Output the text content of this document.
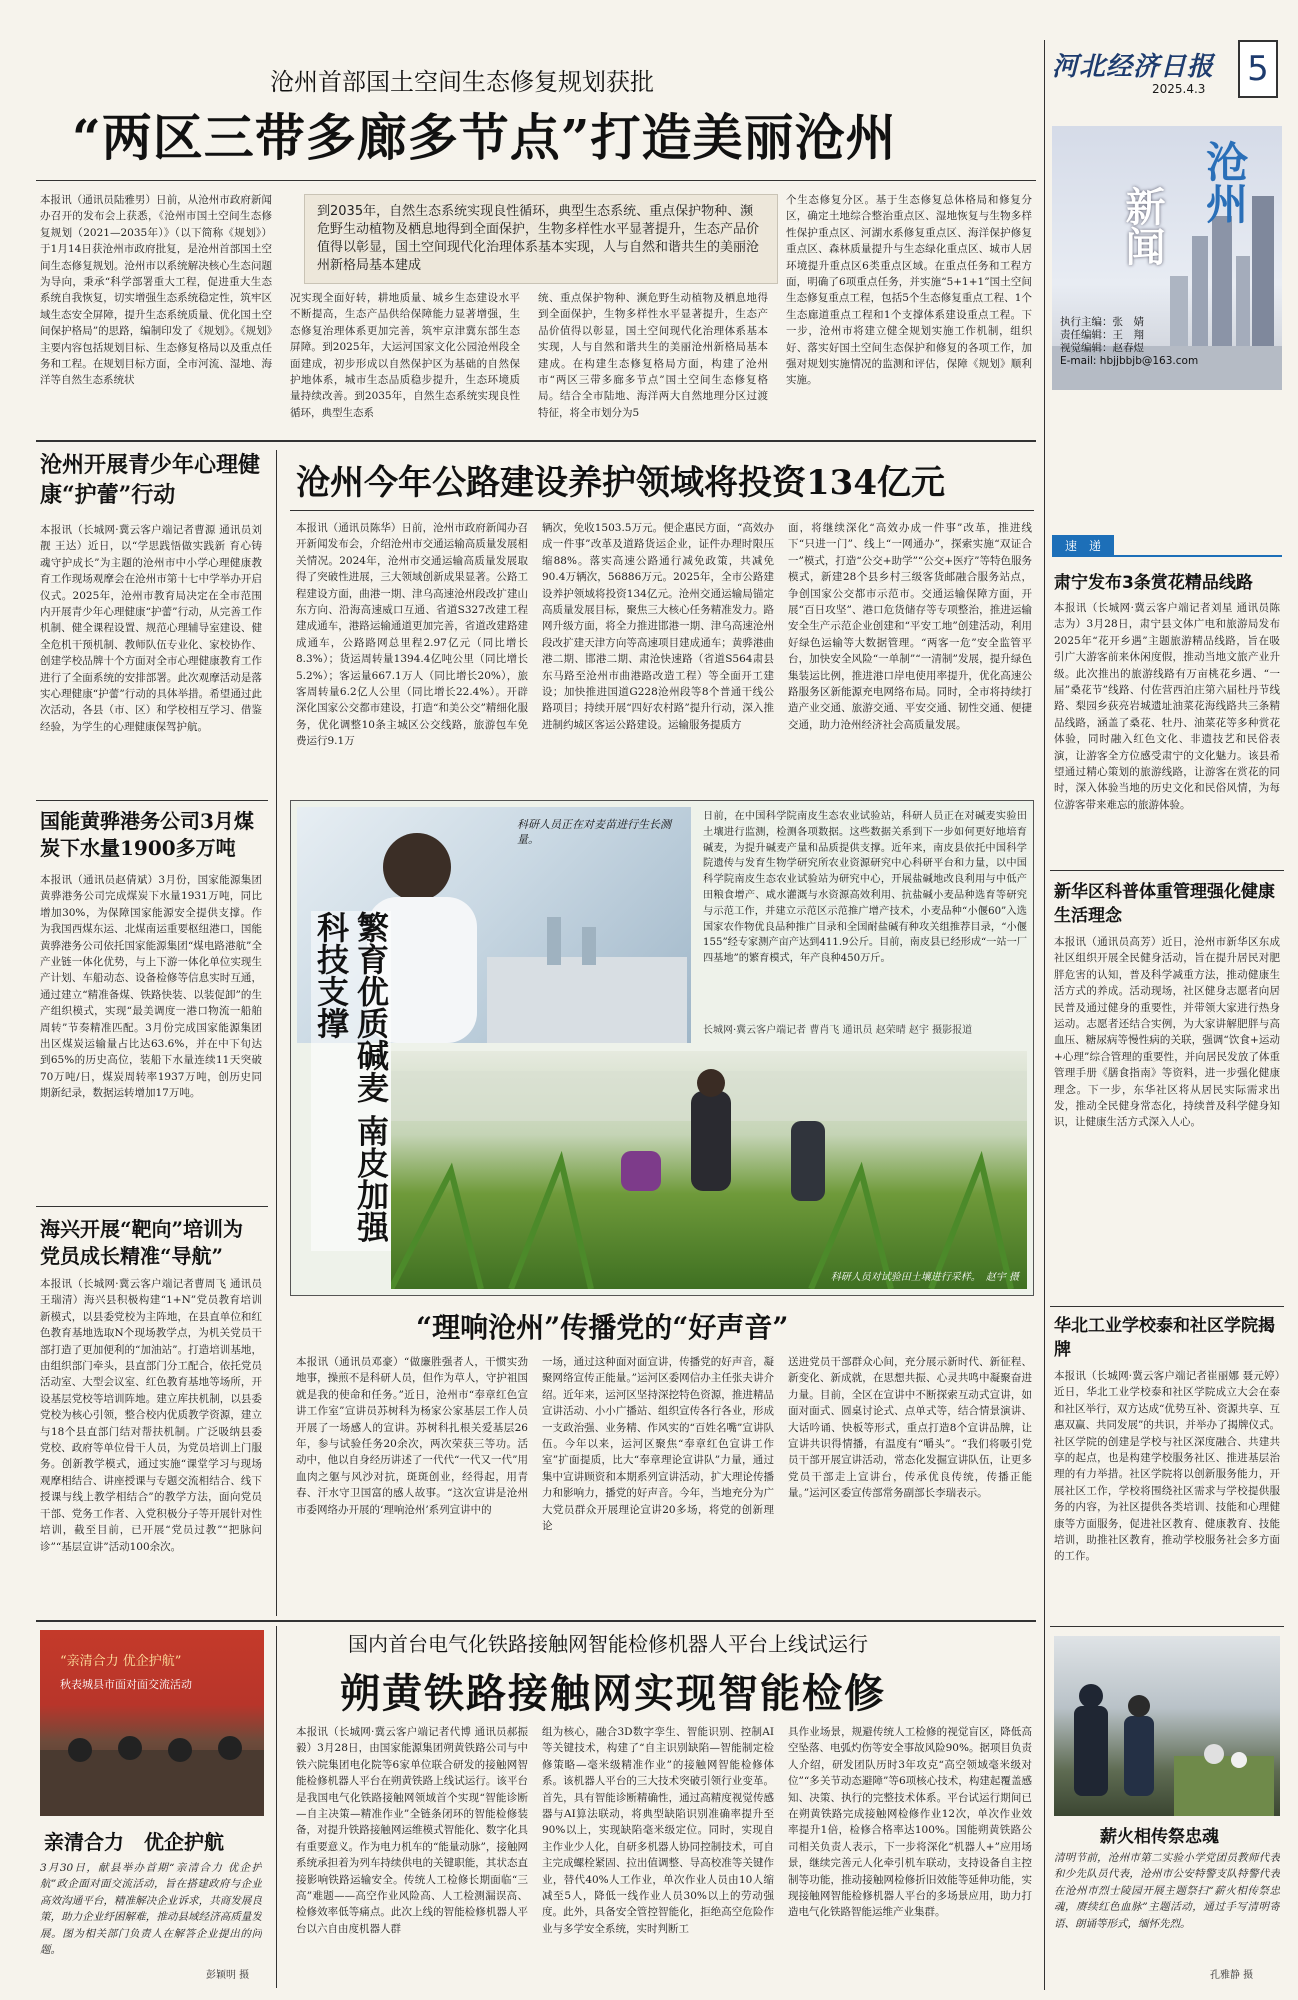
河北经济日报 5
2025.4.3
沧州
新闻
执行主编：张　婧
责任编辑：王　翔
视觉编辑：赵春煜
E-mail: hbjjbbjb@163.com
速　递
沧州首部国土空间生态修复规划获批
“两区三带多廊多节点”打造美丽沧州
本报讯（通讯员陆雅男）日前，从沧州市政府新闻办召开的发布会上获悉，《沧州市国土空间生态修复规划（2021—2035年）》（以下简称《规划》）于1月14日获沧州市政府批复，是沧州首部国土空间生态修复规划。沧州市以系统解决核心生态问题为导向，秉承“科学部署重大工程，促进重大生态系统自我恢复，切实增强生态系统稳定性，筑牢区域生态安全屏障，提升生态系统质量、优化国土空间保护格局”的思路，编制印发了《规划》。《规划》主要内容包括规划目标、生态修复格局以及重点任务和工程。在规划目标方面，全市河流、湿地、海洋等自然生态系统状
况实现全面好转，耕地质量、城乡生态建设水平不断提高，生态产品供给保障能力显著增强，生态修复治理体系更加完善，筑牢京津冀东部生态屏障。到2025年，大运河国家文化公园沧州段全面建成，初步形成以自然保护区为基础的自然保护地体系，城市生态品质稳步提升，生态环境质量持续改善。到2035年，自然生态系统实现良性循环，典型生态系
到2035年，自然生态系统实现良性循环，典型生态系统、重点保护物种、濒危野生动植物及栖息地得到全面保护，生物多样性水平显著提升，生态产品价值得以彰显，国土空间现代化治理体系基本实现，人与自然和谐共生的美丽沧州新格局基本建成
统、重点保护物种、濒危野生动植物及栖息地得到全面保护，生物多样性水平显著提升，生态产品价值得以彰显，国土空间现代化治理体系基本实现，人与自然和谐共生的美丽沧州新格局基本建成。在构建生态修复格局方面，构建了沧州市“两区三带多廊多节点”国土空间生态修复格局。结合全市陆地、海洋两大自然地理分区过渡特征，将全市划分为5
个生态修复分区。基于生态修复总体格局和修复分区，确定土地综合整治重点区、湿地恢复与生物多样性保护重点区、河湖水系修复重点区、海洋保护修复重点区、森林质量提升与生态绿化重点区、城市人居环境提升重点区6类重点区域。在重点任务和工程方面，明确了6项重点任务，并实施“5+1+1”国土空间生态修复重点工程，包括5个生态修复重点工程、1个生态廊道重点工程和1个支撑体系建设重点工程。下一步，沧州市将建立健全规划实施工作机制，组织好、落实好国土空间生态保护和修复的各项工作，加强对规划实施情况的监测和评估，保障《规划》顺利实施。
沧州开展青少年心理健康“护蕾”行动
本报讯（长城网·冀云客户端记者曹源 通讯员刘靓 王达）近日，以“学思践悟做实践新 育心铸魂守护成长”为主题的沧州市中小学心理健康教育工作现场观摩会在沧州市第十七中学举办开启仪式。2025年，沧州市教育局决定在全市范围内开展青少年心理健康“护蕾”行动，从完善工作机制、健全课程设置、规范心理辅导室建设、健全危机干预机制、教师队伍专业化、家校协作、创建学校品牌十个方面对全市心理健康教育工作进行了全面系统的安排部署。此次观摩活动是落实心理健康“护蕾”行动的具体举措。希望通过此次活动，各县（市、区）和学校相互学习、借鉴经验，为学生的心理健康保驾护航。
国能黄骅港务公司3月煤炭下水量1900多万吨
本报讯（通讯员赵倩斌）3月份，国家能源集团黄骅港务公司完成煤炭下水量1931万吨，同比增加30%，为保障国家能源安全提供支撑。作为我国西煤东运、北煤南运重要枢纽港口，国能黄骅港务公司依托国家能源集团“煤电路港航”全产业链一体化优势，与上下游一体化单位实现生产计划、车船动态、设备检修等信息实时互通，通过建立“精准备煤、铁路快装、以装促卸”的生产组织模式，实现“最美调度一港口物流一船舶周转”节奏精准匹配。3月份完成国家能源集团出区煤炭运输量占比达63.6%，并在中下旬达到65%的历史高位，装船下水量连续11天突破70万吨/日，煤炭周转率1937万吨，创历史同期新纪录，数据运转增加17万吨。
海兴开展“靶向”培训为党员成长精准“导航”
本报讯（长城网·冀云客户端记者曹周飞 通讯员王瑞清）海兴县积极构建“1+N”党员教育培训新模式，以县委党校为主阵地，在县直单位和红色教育基地选取N个现场教学点，为机关党员干部打造了更加便利的“加油站”。打造培训基地，由组织部门牵头，县直部门分工配合，依托党员活动室、大型会议室、红色教育基地等场所，开设基层党校等培训阵地。建立库扶机制，以县委党校为核心引领，整合校内优质教学资源，建立与18个县直部门结对帮扶机制。广泛吸纳县委党校、政府等单位骨干人员，为党员培训上门服务。创新教学模式，通过实施“课堂学习与现场观摩相结合、讲座授课与专题交流相结合、线下授课与线上教学相结合”的教学方法，面向党员干部、党务工作者、入党积极分子等开展针对性培训，截至目前，已开展“党员过教”“把脉问诊”“基层宣讲”活动100余次。
沧州今年公路建设养护领域将投资134亿元
本报讯（通讯员陈华）日前，沧州市政府新闻办召开新闻发布会，介绍沧州市交通运输高质量发展相关情况。2024年，沧州市交通运输高质量发展取得了突破性进展，三大领域创新成果显著。公路工程建设方面，曲港一期、津乌高速沧州段改扩建山东方向、沿海高速威口互通、省道S327改建工程建成通车，港路运输通道更加完善，省道改建路建成通车，公路路网总里程2.97亿元（同比增长8.3%）；货运周转量1394.4亿吨公里（同比增长5.2%）；客运量667.1万人（同比增长20%），旅客周转量6.2亿人公里（同比增长22.4%）。开辟深化国家公交都市建设，打造“和美公交”精细化服务，优化调整10条主城区公交线路，旅游包车免费运行9.1万
辆次，免收1503.5万元。便企惠民方面，“高效办成一件事”改革及道路货运企业，证件办理时限压缩88%。落实高速公路通行减免政策，共减免90.4万辆次，56886万元。2025年，全市公路建设养护领域将投资134亿元。沧州交通运输局锚定高质量发展目标，聚焦三大核心任务精准发力。路网升级方面，将全力推进邯港一期、津乌高速沧州段改扩建天津方向等高速项目建成通车；黄骅港曲港二期、邯港二期、肃沧快速路（省道S564肃县东马路至沧州市曲港路改造工程）等全面开工建设；加快推进国道G228沧州段等8个普通干线公路项目；持续开展“四好农村路”提升行动，深入推进制约城区客运公路建设。运输服务提质方
面，将继续深化“高效办成一件事”改革，推进线下“只进一门”、线上“一网通办”，探索实施“双证合一”模式，打造“公交+助学”“公交+医疗”等特色服务模式，新建28个县乡村三级客货邮融合服务站点，争创国家公交都市示范市。交通运输保障方面，开展“百日攻坚”、港口危货储存等专项整治，推进运输安全生产示范企业创建和“平安工地”创建活动，利用好绿色运输等大数据管理。“两客一危”安全监管平台，加快安全风险“一单制”“一清制”发展，提升绿色集装运比例，推进港口岸电使用率提升，优化高速公路服务区新能源充电网络布局。同时，全市将持续打造产业交通、旅游交通、平安交通、韧性交通、便捷交通，助力沧州经济社会高质量发展。
科研人员正在对麦苗进行生长测量。
繁育优质碱麦 南皮加强科技支撑
日前，在中国科学院南皮生态农业试验站，科研人员正在对碱麦实验田土壤进行监测，检测各项数据。这些数据关系到下一步如何更好地培育碱麦，为提升碱麦产量和品质提供支撑。近年来，南皮县依托中国科学院遗传与发育生物学研究所农业资源研究中心科研平台和力量，以中国科学院南皮生态农业试验站为研究中心，开展盐碱地改良利用与中低产田粮食增产、咸水灌溉与水资源高效利用、抗盐碱小麦品种选育等研究与示范工作，并建立示范区示范推广增产技术，小麦品种“小偃60”入选国家农作物优良品种推广目录和全国耐盐碱有种攻关组推荐目录，“小偃155”经专家测产亩产达到411.9公斤。目前，南皮县已经形成“一站一厂四基地”的繁育模式，年产良种450万斤。
长城网·冀云客户端记者 曹肖飞 通讯员 赵荣晴 赵宇 摄影报道
科研人员对试验田土壤进行采样。　赵宇 摄
“理响沧州”传播党的“好声音”
本报讯（通讯员邓豪）“做廉胜强者人，干惯实劲地事，操煎不是科研人员，但作为草人，守护祖国就是我的使命和任务。”近日，沧州市“奉章红色宣讲工作室”宣讲员苏树科为杨家公家基层工作人员开展了一场感人的宣讲。苏树科扎根关爱基层26年，参与试验任务20余次，两次荣获三等功。活动中，他以自身经历讲述了一代代“一代又一代”用血肉之躯与风沙对抗，斑斑创业，经得起，用青春、汗水守卫国富的感人故事。“这次宣讲是沧州市委网络办开展的‘理响沧州’系列宣讲中的
一场，通过这种面对面宣讲，传播党的好声音，凝聚网络宣传正能量。”运河区委网信办主任张夫讲介绍。近年来，运河区坚持深挖特色资源，推进精品宣讲活动、小小广播站、组织宣传各行各业，形成一支政治强、业务精、作风实的“百姓名嘴”宣讲队伍。今年以来，运河区聚焦“奉章红色宣讲工作室”扩面提质，比大“奉章理论宣讲队”力量，通过集中宣讲顾资和本期系列宣讲活动，扩大理论传播力和影响力，播党的好声音。今年，当地充分为广大党员群众开展理论宣讲20多场，将党的创新理论
送进党员干部群众心间，充分展示新时代、新征程、新变化、新成就，在思想共振、心灵共鸣中凝聚奋进力量。目前，全区在宣讲中不断探索互动式宣讲，如面对面式、圆桌讨论式、点单式等，结合情景演讲、大话吟诵、快板等形式，重点打造8个宣讲品牌，让宣讲共识得情播，有温度有“嚼头”。“我们将吸引党员干部开展宣讲活动，常态化发掘宣讲队伍，让更多党员干部走上宣讲台，传承优良传统，传播正能量。”运河区委宣传部常务副部长李瑞表示。
国内首台电气化铁路接触网智能检修机器人平台上线试运行
朔黄铁路接触网实现智能检修
本报讯（长城网·冀云客户端记者代博 通讯员郝振毅）3月28日，由国家能源集团朔黄铁路公司与中铁六院集团电化院等6家单位联合研发的接触网智能检修机器人平台在朔黄铁路上线试运行。该平台是我国电气化铁路接触网领域首个实现“智能诊断—自主决策—精准作业”全链条闭环的智能检修装备，对提升铁路接触网运维模式智能化、数字化具有重要意义。作为电力机车的“能量动脉”，接触网系统承担着为列车持续供电的关键职能，其状态直接影响铁路运输安全。传统人工检修长期面临“三高”难题——高空作业风险高、人工检测漏误高、检修效率低等痛点。此次上线的智能检修机器人平台以六自由度机器人群
组为核心，融合3D数字孪生、智能识别、控制AI等关键技术，构建了“自主识别缺陷—智能制定检修策略—毫米级精准作业”的接触网智能检修体系。该机器人平台的三大技术突破引领行业变革。首先，具有智能诊断精确性，通过高精度视觉传感器与AI算法联动，将典型缺陷识别准确率提升至90%以上，实现缺陷毫米级定位。同时，实现自主作业少人化，自研多机器人协同控制技术，可自主完成螺栓紧固、拉出值调整、导高校准等关键作业，替代40%人工作业，单次作业人员由10人缩减至5人，降低一线作业人员30%以上的劳动强度。此外，具备安全管控智能化，拒绝高空危险作业与多学安全系统，实时判断工
具作业场景，规避传统人工检修的视觉盲区，降低高空坠落、电弧灼伤等安全事故风险90%。据项目负责人介绍，研发团队历时3年攻克“高空领域毫米级对位”“多关节动态避障”等6项核心技术，构建起覆盖感知、决策、执行的完整技术体系。平台试运行期间已在朔黄铁路完成接触网检修作业12次，单次作业效率提升1倍，检修合格率达100%。国能朔黄铁路公司相关负责人表示，下一步将深化“机器人+”应用场景，继续完善元人化牵引机车联动，支持设备自主控制等功能，推动接触网检修折旧效能等延伸功能，实现接触网智能检修机器人平台的多场景应用，助力打造电气化铁路智能运维产业集群。
“亲清合力 优企护航”
秋表城县市面对面交流活动
亲清合力　优企护航
3月30日，献县举办首期“亲清合力 优企护航”政企面对面交流活动，旨在搭建政府与企业高效沟通平台，精准解决企业诉求，共商发展良策，助力企业纾困解难，推动县域经济高质量发展。图为相关部门负责人在解答企业提出的问题。
彭颖明 摄
肃宁发布3条赏花精品线路
本报讯（长城网·冀云客户端记者刘星 通讯员陈志为）3月28日，肃宁县文体广电和旅游局发布2025年“花开乡遇”主题旅游精品线路，旨在吸引广大游客前来休闲度假，推动当地文旅产业升级。此次推出的旅游线路有万亩桃花乡遇、“一届”桑花节”线路、付佐营西泊庄第六届杜丹节线路、梨园乡荻亮岩城遗址油菜花海线路共三条精品线路，涵盖了桑花、牡丹、油菜花等多种赏花体验，同时融入红色文化、非遗技艺和民俗表演，让游客全方位感受肃宁的文化魅力。该县希望通过精心策划的旅游线路，让游客在赏花的同时，深入体验当地的历史文化和民俗风情，为每位游客带来难忘的旅游体验。
新华区科普体重管理强化健康生活理念
本报讯（通讯员高芳）近日，沧州市新华区东成社区组织开展全民健身活动，旨在提升居民对肥胖危害的认知，普及科学减重方法，推动健康生活方式的养成。活动现场，社区健身志愿者向居民普及通过健身的重要性，并带领大家进行热身运动。志愿者还结合实例，为大家讲解肥胖与高血压、糖尿病等慢性病的关联，强调“饮食+运动+心理”综合管理的重要性，并向居民发放了体重管理手册《膳食指南》等资料，进一步强化健康理念。下一步，东华社区将从居民实际需求出发，推动全民健身常态化，持续普及科学健身知识，让健康生活方式深入人心。
华北工业学校泰和社区学院揭牌
本报讯（长城网·冀云客户端记者崔丽娜 聂元婷）近日，华北工业学校泰和社区学院成立大会在泰和社区举行，双方达成“优势互补、资源共享、互惠双赢、共同发展”的共识，并举办了揭牌仪式。社区学院的创建是学校与社区深度融合、共建共享的起点，也是构建学校服务社区、推进基层治理的有力举措。社区学院将以创新服务能力，开展社区工作，学校将围绕社区需求与学校提供服务的内容，为社区提供各类培训、技能和心理健康等方面服务，促进社区教育、健康教育、技能培训，助推社区教育，推动学校服务社会多方面的工作。
薪火相传祭忠魂
清明节前，沧州市第二实验小学党团员教师代表和少先队员代表，沧州市公安特警支队特警代表在沧州市烈士陵园开展主题祭扫“薪火相传祭忠魂，赓续红色血脉”主题活动，通过手写清明寄语、朗诵等形式，缅怀先烈。
孔雅静 摄
